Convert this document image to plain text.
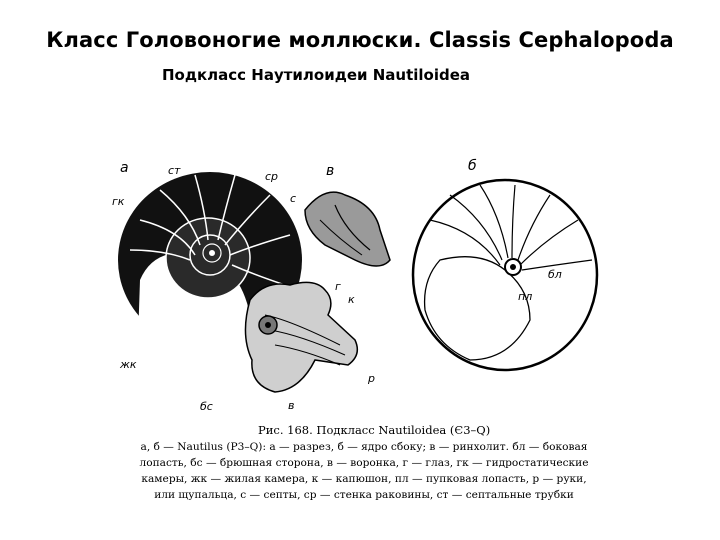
Класс Головоногие моллюски. Classis Cephalopoda
Подкласс Наутилоидеи Nautiloidea
а	ст	ср
гк	с
в	б
г
к
бл
пл
жк
р
бс	в
Рис. 168. Подкласс Nautiloidea (Є3–Q)
а, б — Nautilus (Р3–Q): а — разрез, б — ядро сбоку; в — ринхолит. бл — боковая
лопасть, бс — брюшная сторона, в — воронка, г — глаз, гк — гидростатические
камеры, жк — жилая камера, к — капюшон, пл — пупковая лопасть, р — руки,
или щупальца, с — септы, ср — стенка раковины, ст — септальные трубки
